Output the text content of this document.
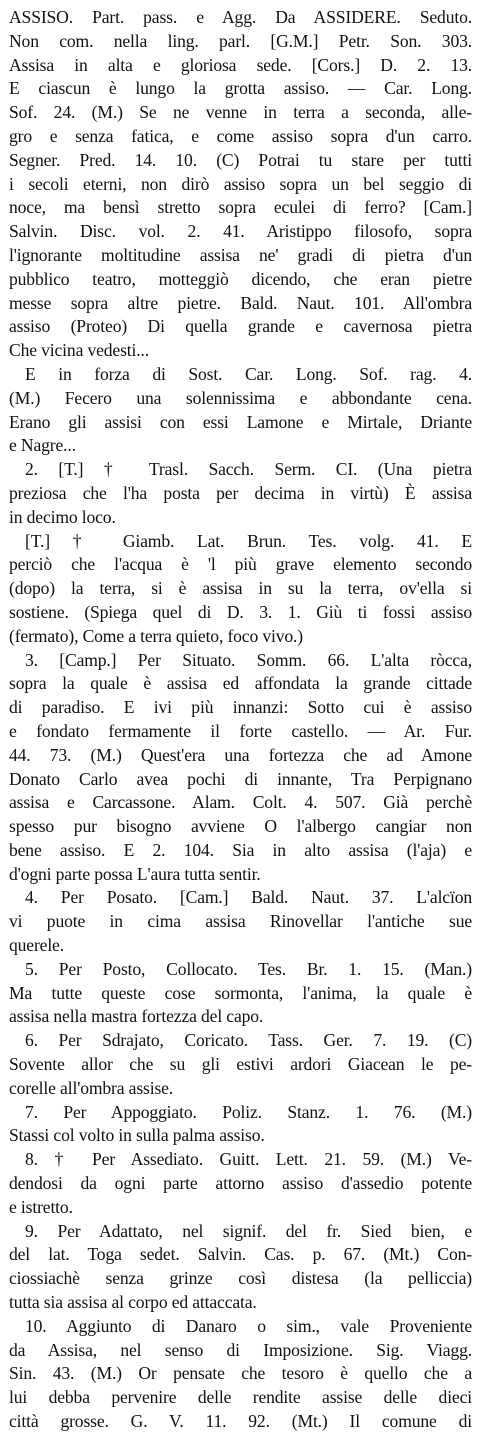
ASSISO. Part. pass. e Agg. Da ASSIDERE. Seduto.
Non com. nella ling. parl. [G.M.] Petr. Son. 303.
Assisa in alta e gloriosa sede. [Cors.] D. 2. 13.
E ciascun è lungo la grotta assiso. — Car. Long.
Sof. 24. (M.) Se ne venne in terra a seconda, alle-
gro e senza fatica, e come assiso sopra d'un carro.
Segner. Pred. 14. 10. (C) Potrai tu stare per tutti
i secoli eterni, non dirò assiso sopra un bel seggio di
noce, ma bensì stretto sopra eculei di ferro? [Cam.]
Salvin. Disc. vol. 2. 41. Aristippo filosofo, sopra
l'ignorante moltitudine assisa ne' gradi di pietra d'un
pubblico teatro, motteggiò dicendo, che eran pietre
messe sopra altre pietre. Bald. Naut. 101. All'ombra
assiso (Proteo) Di quella grande e cavernosa pietra
Che vicina vedesti...
E in forza di Sost. Car. Long. Sof. rag. 4.
(M.) Fecero una solennissima e abbondante cena.
Erano gli assisi con essi Lamone e Mirtale, Driante
e Nagre...
2. [T.] † Trasl. Sacch. Serm. CI. (Una pietra
preziosa che l'ha posta per decima in virtù) È assisa
in decimo loco.
[T.] † Giamb. Lat. Brun. Tes. volg. 41. E
perciò che l'acqua è 'l più grave elemento secondo
(dopo) la terra, si è assisa in su la terra, ov'ella si
sostiene. (Spiega quel di D. 3. 1. Giù ti fossi assiso
(fermato), Come a terra quieto, foco vivo.)
3. [Camp.] Per Situato. Somm. 66. L'alta ròcca,
sopra la quale è assisa ed affondata la grande cittade
di paradiso. E ivi più innanzi: Sotto cui è assiso
e fondato fermamente il forte castello. — Ar. Fur.
44. 73. (M.) Quest'era una fortezza che ad Amone
Donato Carlo avea pochi di innante, Tra Perpignano
assisa e Carcassone. Alam. Colt. 4. 507. Già perchè
spesso pur bisogno avviene O l'albergo cangiar non
bene assiso. E 2. 104. Sia in alto assisa (l'aja) e
d'ogni parte possa L'aura tutta sentir.
4. Per Posato. [Cam.] Bald. Naut. 37. L'alcïon
vi puote in cima assisa Rinovellar l'antiche sue
querele.
5. Per Posto, Collocato. Tes. Br. 1. 15. (Man.)
Ma tutte queste cose sormonta, l'anima, la quale è
assisa nella mastra fortezza del capo.
6. Per Sdrajato, Coricato. Tass. Ger. 7. 19. (C)
Sovente allor che su gli estivi ardori Giacean le pe-
corelle all'ombra assise.
7. Per Appoggiato. Poliz. Stanz. 1. 76. (M.)
Stassi col volto in sulla palma assiso.
8. † Per Assediato. Guitt. Lett. 21. 59. (M.) Ve-
dendosi da ogni parte attorno assiso d'assedio potente
e istretto.
9. Per Adattato, nel signif. del fr. Sied bien, e
del lat. Toga sedet. Salvin. Cas. p. 67. (Mt.) Con-
ciossiachè senza grinze così distesa (la pelliccia)
tutta sia assisa al corpo ed attaccata.
10. Aggiunto di Danaro o sim., vale Proveniente
da Assisa, nel senso di Imposizione. Sig. Viagg.
Sin. 43. (M.) Or pensate che tesoro è quello che a
lui debba pervenire delle rendite assise delle dieci
città grosse. G. V. 11. 92. (Mt.) Il comune di
